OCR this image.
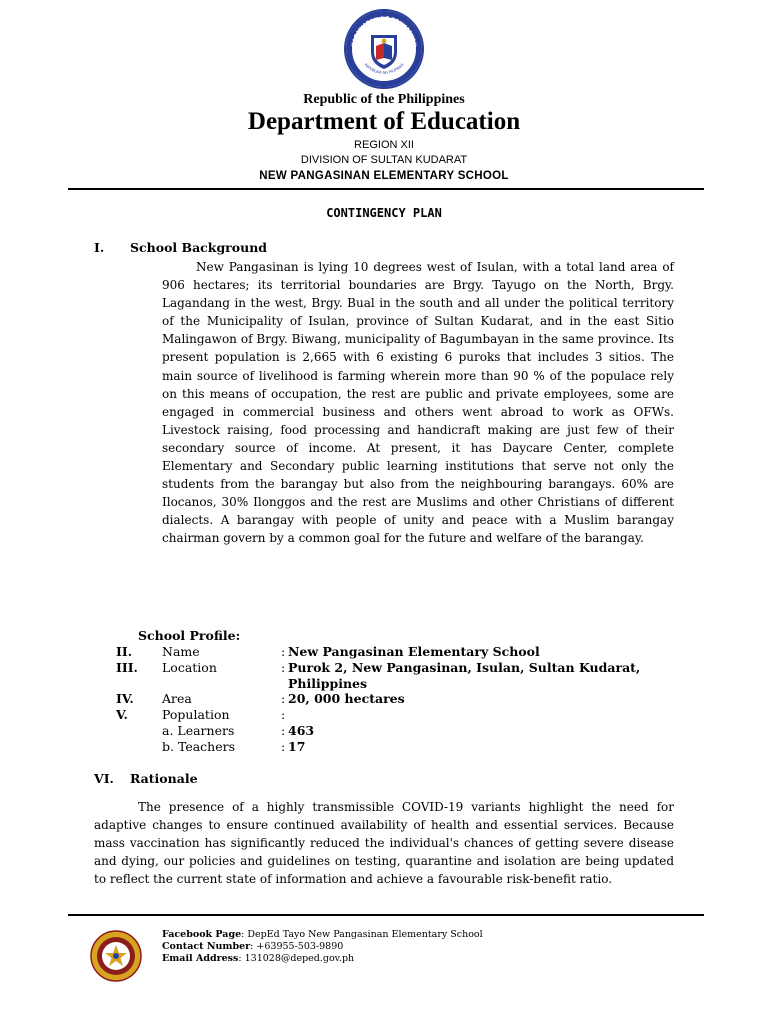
KAGAWARAN NG EDUKASYON
REPUBLIKA NG PILIPINAS
Republic of the Philippines
Department of Education
REGION XII
DIVISION OF SULTAN KUDARAT
NEW PANGASINAN ELEMENTARY SCHOOL
CONTINGENCY PLAN
I. School Background

New Pangasinan is lying 10 degrees west of Isulan, with a total land area of 906 hectares; its territorial boundaries are Brgy. Tayugo on the North, Brgy. Lagandang in the west, Brgy. Bual in the south and all under the political territory of the Municipality of Isulan, province of Sultan Kudarat, and in the east Sitio Malingawon of Brgy. Biwang, municipality of Bagumbayan in the same province. Its present population is 2,665 with 6 existing 6 puroks that includes 3 sitios. The main source of livelihood is farming wherein more than 90 % of the populace rely on this means of occupation, the rest are public and private employees, some are engaged in commercial business and others went abroad to work as OFWs. Livestock raising, food processing and handicraft making are just few of their secondary source of income. At present, it has Daycare Center, complete Elementary and Secondary public learning institutions that serve not only the students from the barangay but also from the neighbouring barangays. 60% are Ilocanos, 30% Ilonggos and the rest are Muslims and other Christians of different dialects. A barangay with people of unity and peace with a Muslim barangay chairman govern by a common goal for the future and welfare of the barangay.

School Profile:
II. Name	: New Pangasinan Elementary School
III. Location	: Purok 2, New Pangasinan, Isulan, Sultan Kudarat,
Philippines
IV. Area	: 20, 000 hectares
V.	Population	:
a. Learners	: 463
b. Teachers	: 17
VI. Rationale

The presence of a highly transmissible COVID-19 variants highlight the need for adaptive changes to ensure continued availability of health and essential services. Because mass vaccination has significantly reduced the individual's chances of getting severe disease and dying, our policies and guidelines on testing, quarantine and isolation are being updated to reflect the current state of information and achieve a favourable risk-benefit ratio.

Facebook Page: DepEd Tayo New Pangasinan Elementary School
Contact Number: +63955-503-9890
Email Address: 131028@deped.gov.ph
